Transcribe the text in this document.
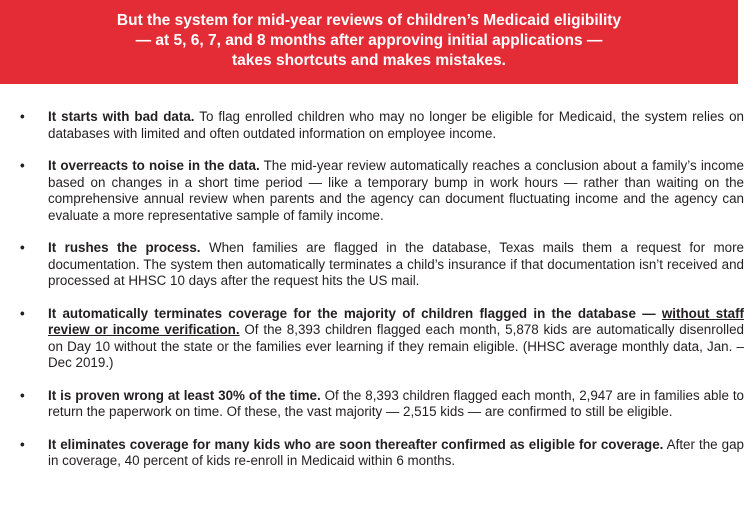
But the system for mid-year reviews of children’s Medicaid eligibility
— at 5, 6, 7, and 8 months after approving initial applications —
takes shortcuts and makes mistakes.
• It starts with bad data. To flag enrolled children who may no longer be eligible for Medicaid, the system relies on databases with limited and often outdated information on employee income.
• It overreacts to noise in the data. The mid-year review automatically reaches a conclusion about a family’s income based on changes in a short time period — like a temporary bump in work hours — rather than waiting on the comprehensive annual review when parents and the agency can document fluctuating income and the agency can evaluate a more representative sample of family income.
• It rushes the process. When families are flagged in the database, Texas mails them a request for more documentation. The system then automatically terminates a child’s insurance if that documentation isn’t received and processed at HHSC 10 days after the request hits the US mail.
• It automatically terminates coverage for the majority of children flagged in the database — without staff review or income verification. Of the 8,393 children flagged each month, 5,878 kids are automatically disenrolled on Day 10 without the state or the families ever learning if they remain eligible. (HHSC average monthly data, Jan. – Dec 2019.)
• It is proven wrong at least 30% of the time. Of the 8,393 children flagged each month, 2,947 are in families able to return the paperwork on time. Of these, the vast majority — 2,515 kids — are confirmed to still be eligible.
• It eliminates coverage for many kids who are soon thereafter confirmed as eligible for coverage. After the gap in coverage, 40 percent of kids re-enroll in Medicaid within 6 months.
